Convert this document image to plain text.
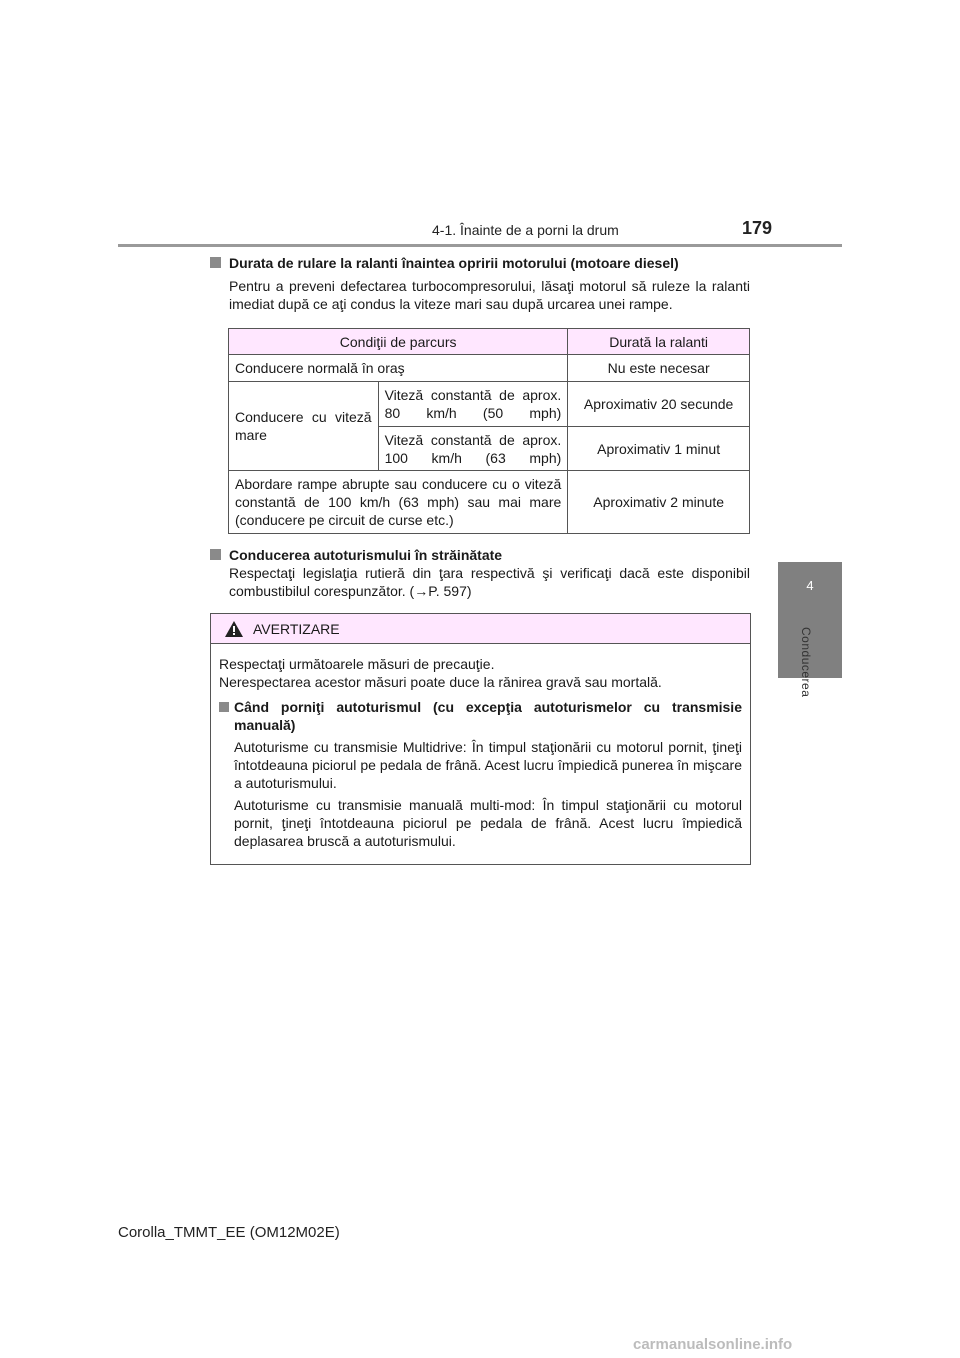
4-1. Înainte de a porni la drum	179
4
Conducerea
Durata de rulare la ralanti înaintea opririi motorului (motoare diesel)
Pentru a preveni defectarea turbocompresorului, lăsaţi motorul să ruleze la ralanti imediat după ce aţi condus la viteze mari sau după urcarea unei rampe.
Condiţii de parcurs		Durată la ralanti
Conducere normală în oraş		Nu este necesar
Conducere cu viteză mare	Viteză constantă de aprox. 80 km/h (50 mph)	Aproximativ 20 secunde
	Viteză constantă de aprox. 100 km/h (63 mph)	Aproximativ 1 minut
Abordare rampe abrupte sau conducere cu o viteză constantă de 100 km/h (63 mph) sau mai mare (conducere pe circuit de curse etc.)		Aproximativ 2 minute
Conducerea autoturismului în străinătate
Respectaţi legislaţia rutieră din ţara respectivă şi verificaţi dacă este disponibil combustibilul corespunzător. (→P. 597)
AVERTIZARE
Respectaţi următoarele măsuri de precauţie.
Nerespectarea acestor măsuri poate duce la rănirea gravă sau mortală.
Când porniţi autoturismul (cu excepţia autoturismelor cu transmisie manuală)
Autoturisme cu transmisie Multidrive: În timpul staţionării cu motorul pornit, ţineţi întotdeauna piciorul pe pedala de frână. Acest lucru împiedică punerea în mişcare a autoturismului.
Autoturisme cu transmisie manuală multi-mod: În timpul staţionării cu motorul pornit, ţineţi întotdeauna piciorul pe pedala de frână. Acest lucru împiedică deplasarea bruscă a autoturismului.
Corolla_TMMT_EE (OM12M02E)
carmanualsonline.info
